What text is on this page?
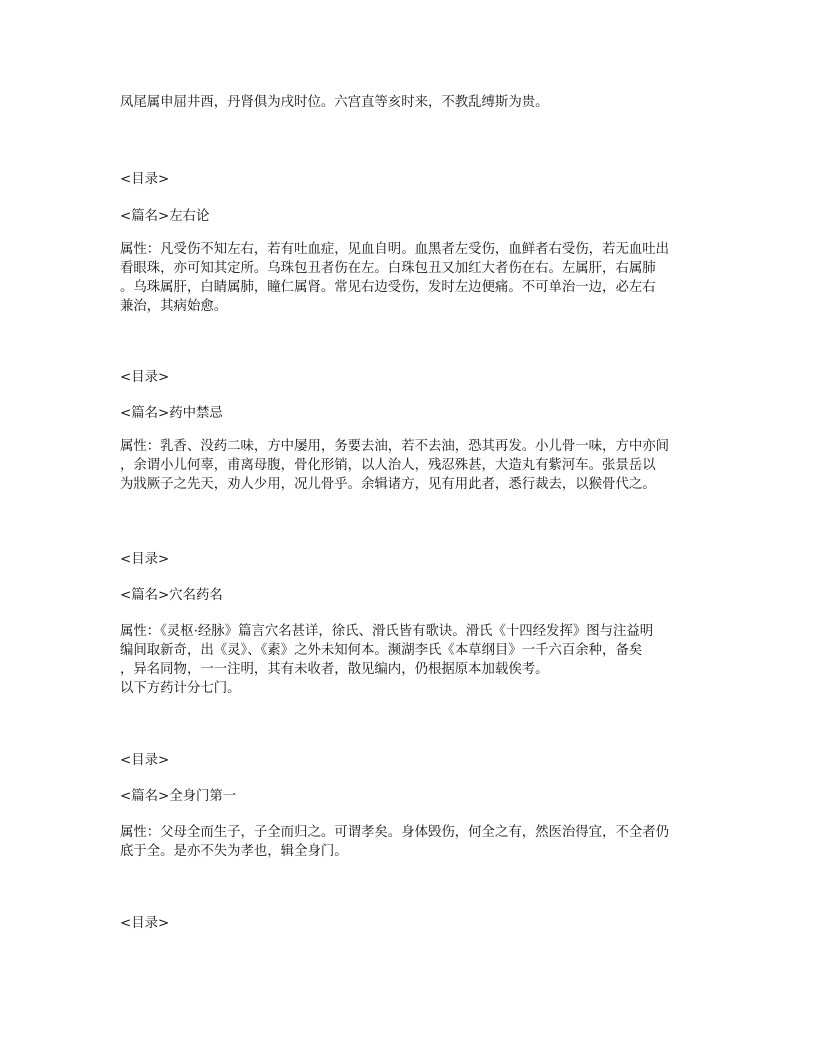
凤尾属申屈井酉，丹肾俱为戌时位。六宫直等亥时来，不教乱缚斯为贵。
<目录>
<篇名>左右论
属性：凡受伤不知左右，若有吐血症，见血自明。血黑者左受伤，血鲜者右受伤，若无血吐出
看眼珠，亦可知其定所。乌珠包丑者伤在左。白珠包丑又加红大者伤在右。左属肝，右属肺
。乌珠属肝，白睛属肺，瞳仁属肾。常见右边受伤，发时左边便痛。不可单治一边，必左右
兼治，其病始愈。
<目录>
<篇名>药中禁忌
属性：乳香、没药二味，方中屡用，务要去油，若不去油，恐其再发。小儿骨一味，方中亦间
，余谓小儿何辜，甫离母腹，骨化形销，以人治人，残忍殊甚，大造丸有紫河车。张景岳以
为戕厥子之先天，劝人少用，况儿骨乎。余辑诸方，见有用此者，悉行裁去，以猴骨代之。
<目录>
<篇名>穴名药名
属性：《灵枢·经脉》篇言穴名甚详，徐氏、滑氏皆有歌诀。滑氏《十四经发挥》图与注益明
编间取新奇，出《灵》、《素》之外未知何本。濒湖李氏《本草纲目》一千六百余种，备矣
，异名同物，一一注明，其有未收者，散见编内，仍根据原本加载俟考。
以下方药计分七门。
<目录>
<篇名>全身门第一
属性：父母全而生子，子全而归之。可谓孝矣。身体毁伤，何全之有，然医治得宜，不全者仍
底于全。是亦不失为孝也，辑全身门。
<目录>
